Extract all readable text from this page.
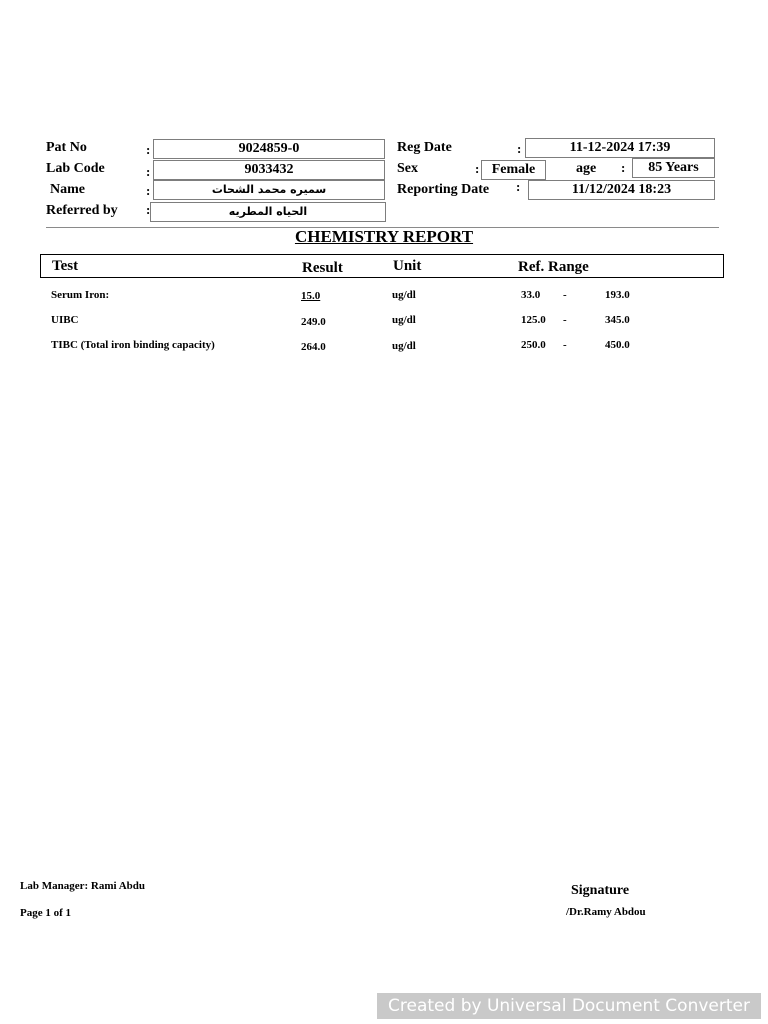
Pat No	:	9024859-0
Lab Code	:	9033432
Name	:	سميره محمد الشحات
Referred by :	الحياه المطريه
Reg Date	:	11-12-2024 17:39
Sex	: Female	age :	85 Years
Reporting Date :	11/12/2024 18:23
CHEMISTRY REPORT
Test	Result	Unit	Ref. Range
Serum Iron:	15.0	ug/dl	33.0 -	193.0
UIBC	249.0	ug/dl	125.0 -	345.0
TIBC (Total iron binding capacity)	264.0	ug/dl	250.0 -	450.0
Lab Manager: Rami Abdu
Page 1 of 1
Signature
/Dr.Ramy Abdou
Created by Universal Document Converter
